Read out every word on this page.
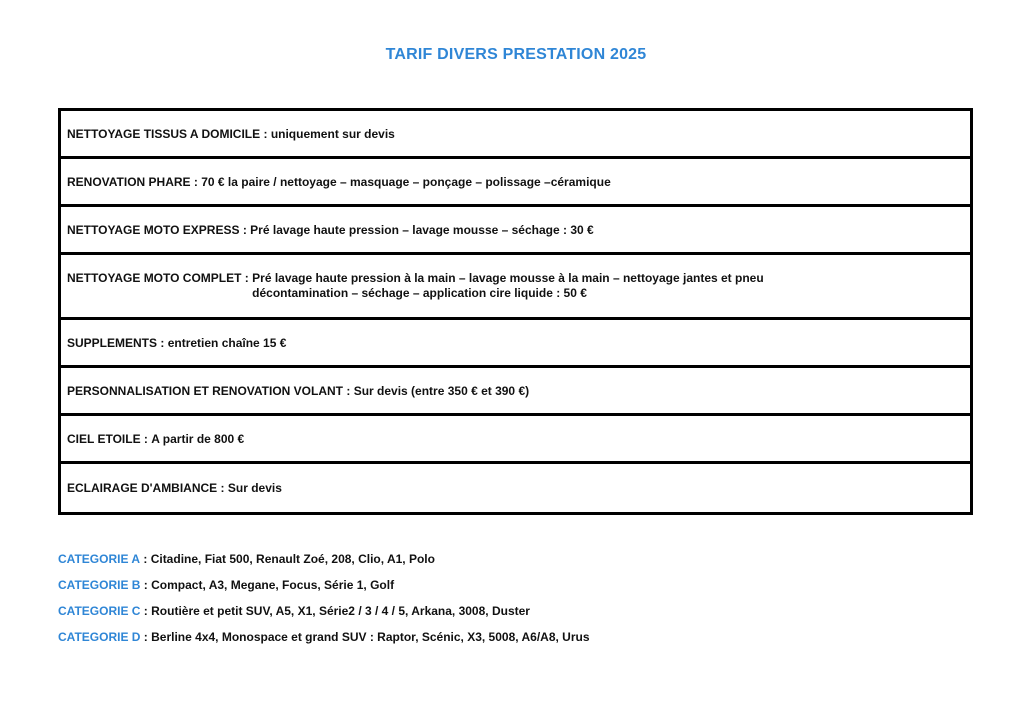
TARIF DIVERS PRESTATION 2025
NETTOYAGE TISSUS A DOMICILE : uniquement sur devis
RENOVATION PHARE : 70 € la paire / nettoyage – masquage – ponçage – polissage –céramique
NETTOYAGE MOTO EXPRESS : Pré lavage haute pression – lavage mousse – séchage : 30 €
NETTOYAGE MOTO COMPLET : Pré lavage haute pression à la main – lavage mousse à la main – nettoyage jantes et pneu
décontamination – séchage – application cire liquide : 50 €
SUPPLEMENTS : entretien chaîne 15 €
PERSONNALISATION ET RENOVATION VOLANT : Sur devis (entre 350 € et 390 €)
CIEL ETOILE : A partir de 800 €
ECLAIRAGE D'AMBIANCE : Sur devis
CATEGORIE A : Citadine, Fiat 500, Renault Zoé, 208, Clio, A1, Polo
CATEGORIE B : Compact, A3, Megane, Focus, Série 1, Golf
CATEGORIE C : Routière et petit SUV, A5, X1, Série2 / 3 / 4 / 5, Arkana, 3008, Duster
CATEGORIE D : Berline 4x4, Monospace et grand SUV : Raptor, Scénic, X3, 5008, A6/A8, Urus
